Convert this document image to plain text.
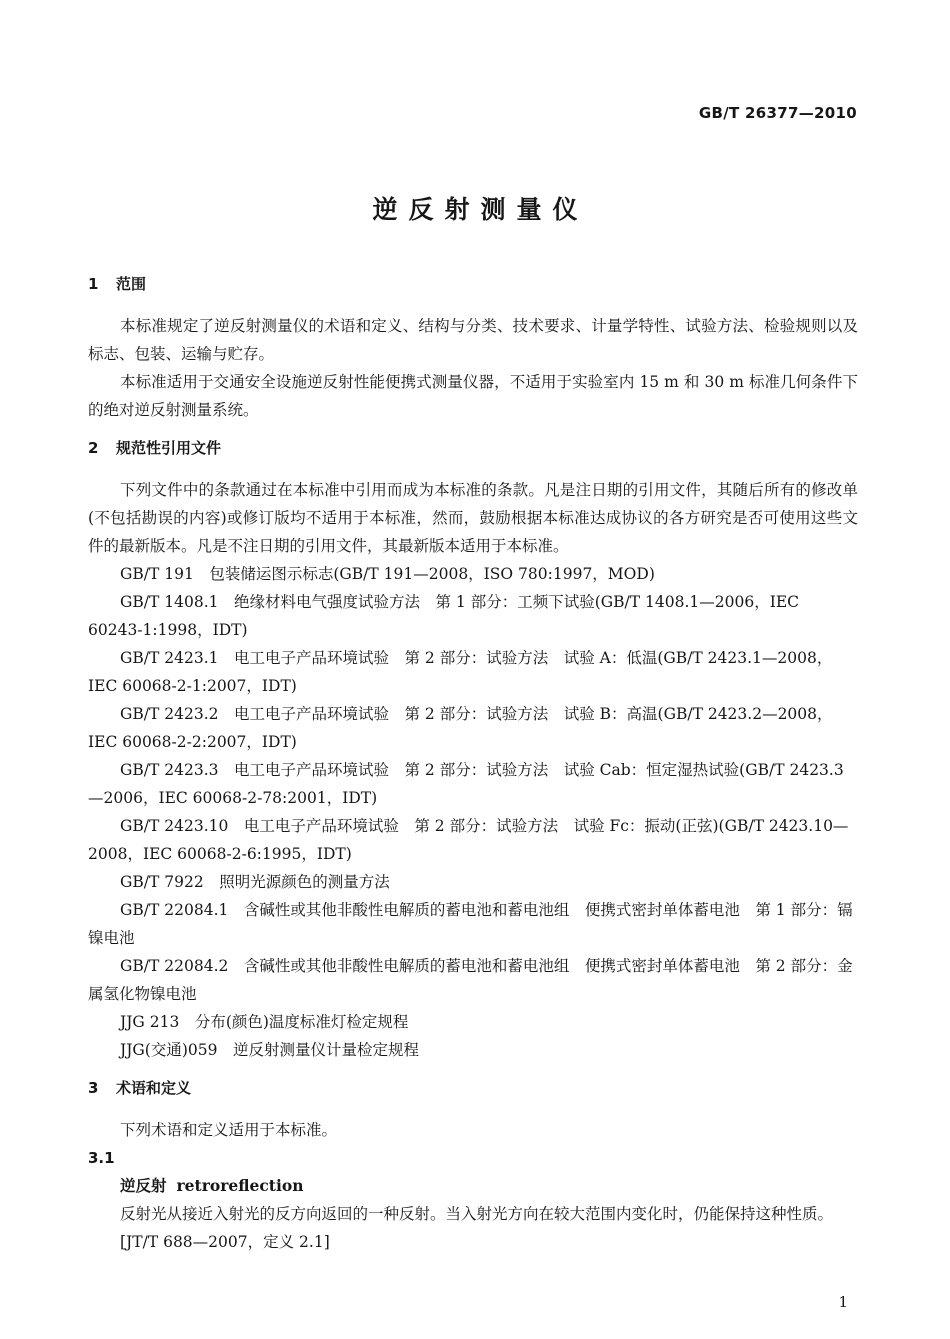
GB/T 26377—2010
逆反射测量仪
1 范围

本标准规定了逆反射测量仪的术语和定义、结构与分类、技术要求、计量学特性、试验方法、检验规则以及标志、包装、运输与贮存。

本标准适用于交通安全设施逆反射性能便携式测量仪器，不适用于实验室内 15 m 和 30 m 标准几何条件下的绝对逆反射测量系统。

2 规范性引用文件

下列文件中的条款通过在本标准中引用而成为本标准的条款。凡是注日期的引用文件，其随后所有的修改单(不包括勘误的内容)或修订版均不适用于本标准，然而，鼓励根据本标准达成协议的各方研究是否可使用这些文件的最新版本。凡是不注日期的引用文件，其最新版本适用于本标准。

GB/T 191　包装储运图示标志(GB/T 191—2008，ISO 780:1997，MOD)

GB/T 1408.1　绝缘材料电气强度试验方法　第 1 部分：工频下试验(GB/T 1408.1—2006，IEC 60243-1:1998，IDT)

GB/T 2423.1　电工电子产品环境试验　第 2 部分：试验方法　试验 A：低温(GB/T 2423.1—2008，IEC 60068-2-1:2007，IDT)

GB/T 2423.2　电工电子产品环境试验　第 2 部分：试验方法　试验 B：高温(GB/T 2423.2—2008，IEC 60068-2-2:2007，IDT)

GB/T 2423.3　电工电子产品环境试验　第 2 部分：试验方法　试验 Cab：恒定湿热试验(GB/T 2423.3—2006，IEC 60068-2-78:2001，IDT)

GB/T 2423.10　电工电子产品环境试验　第 2 部分：试验方法　试验 Fc：振动(正弦)(GB/T 2423.10—2008，IEC 60068-2-6:1995，IDT)

GB/T 7922　照明光源颜色的测量方法

GB/T 22084.1　含碱性或其他非酸性电解质的蓄电池和蓄电池组　便携式密封单体蓄电池　第 1 部分：镉镍电池

GB/T 22084.2　含碱性或其他非酸性电解质的蓄电池和蓄电池组　便携式密封单体蓄电池　第 2 部分：金属氢化物镍电池

JJG 213　分布(颜色)温度标准灯检定规程

JJG(交通)059　逆反射测量仪计量检定规程

3 术语和定义

下列术语和定义适用于本标准。

3.1
逆反射 retroreflection

反射光从接近入射光的反方向返回的一种反射。当入射光方向在较大范围内变化时，仍能保持这种性质。

[JT/T 688—2007，定义 2.1]

1
